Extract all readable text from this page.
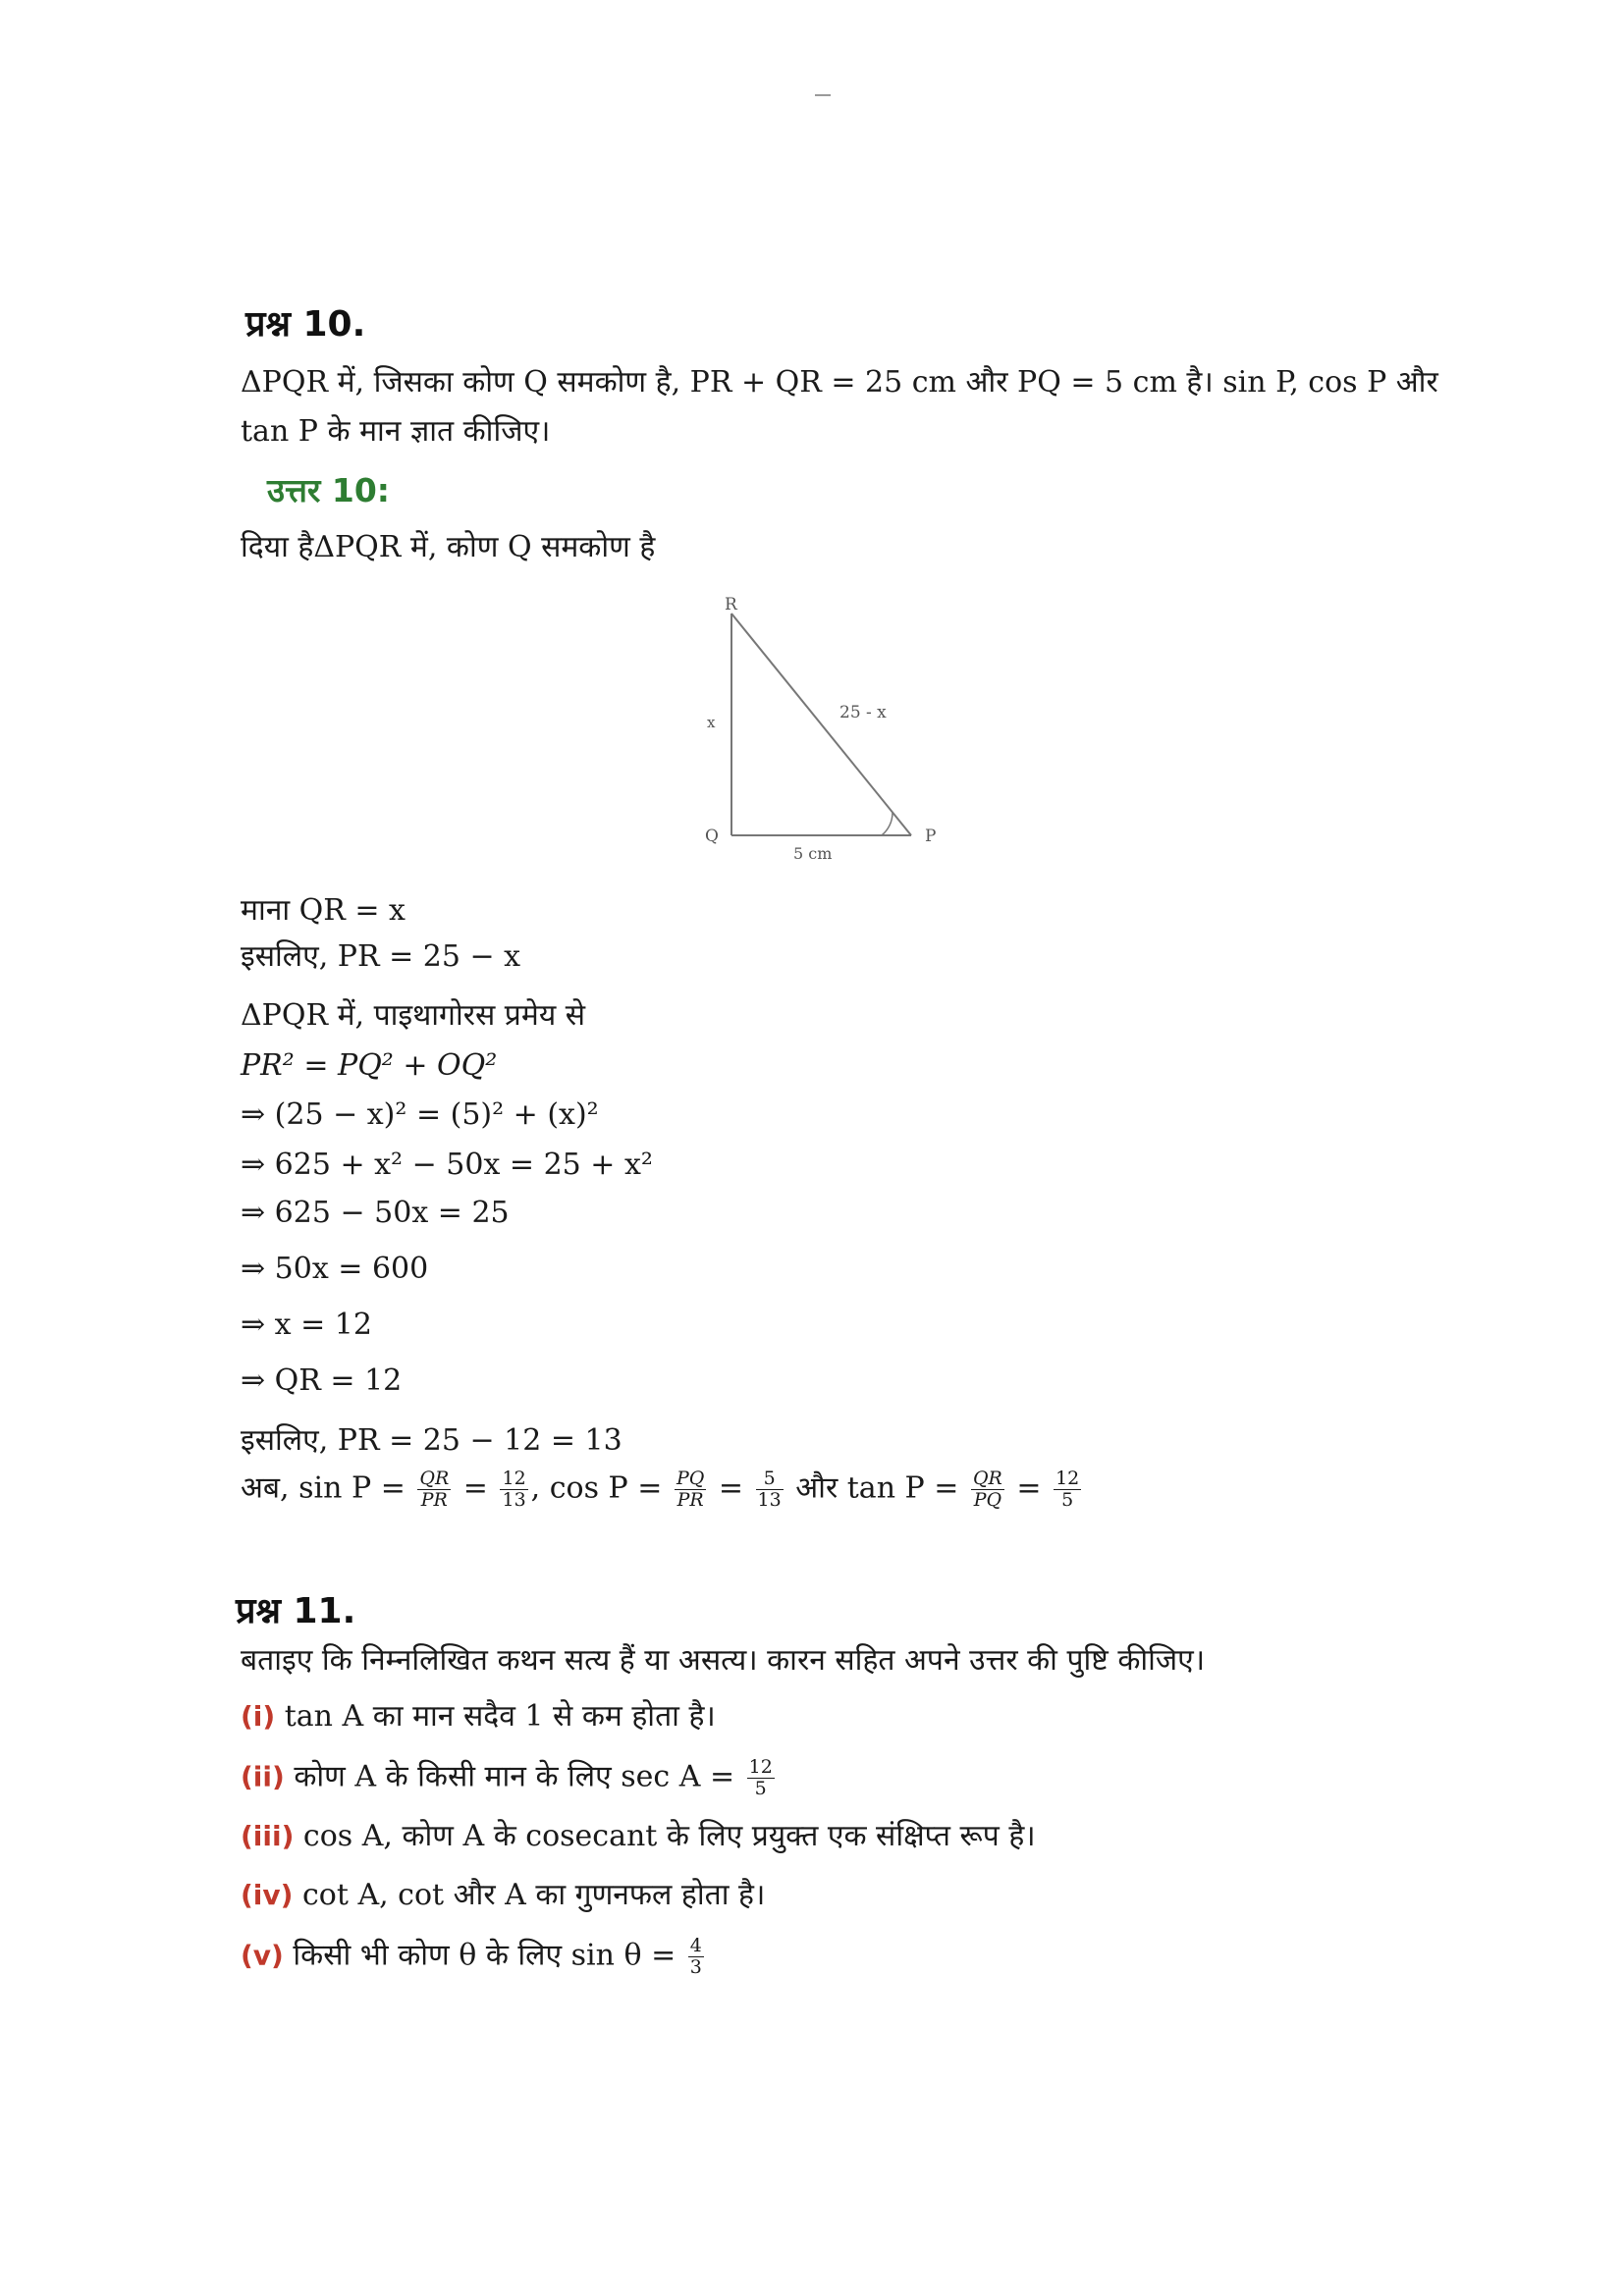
प्रश्न 10.
ΔPQR में, जिसका कोण Q समकोण है, PR + QR = 25 cm और PQ = 5 cm है। sin P, cos P और
tan P के मान ज्ञात कीजिए।
उत्तर 10:
दिया हैΔPQR में, कोण Q समकोण है
R
Q	P
x	25 - x
5 cm
माना QR = x
इसलिए, PR = 25 − x
ΔPQR में, पाइथागोरस प्रमेय से
PR² = PQ² + OQ²
⇒ (25 − x)² = (5)² + (x)²
⇒ 625 + x² − 50x = 25 + x²
⇒ 625 − 50x = 25
⇒ 50x = 600
⇒ x = 12
⇒ QR = 12
इसलिए, PR = 25 − 12 = 13
अब, $\sin P = \frac{QR}{PR} = \frac{12}{13}$ , $\cos P = \frac{PQ}{PR} = \frac{5}{13}$ और $\tan P = \frac{QR}{PQ} = \frac{12}{5}$
प्रश्न 11.
बताइए कि निम्नलिखित कथन सत्य हैं या असत्य। कारन सहित अपने उत्तर की पुष्टि कीजिए।
(i) tan A का मान सदैव 1 से कम होता है।
(ii) कोण A के किसी मान के लिए $\sec A = \frac{12}{5}$
(iii) cos A, कोण A के cosecant के लिए प्रयुक्त एक संक्षिप्त रूप है।
(iv) cot A, cot और A का गुणनफल होता है।
(v) किसी भी कोण θ के लिए $\sin \theta = \frac{4}{3}$
